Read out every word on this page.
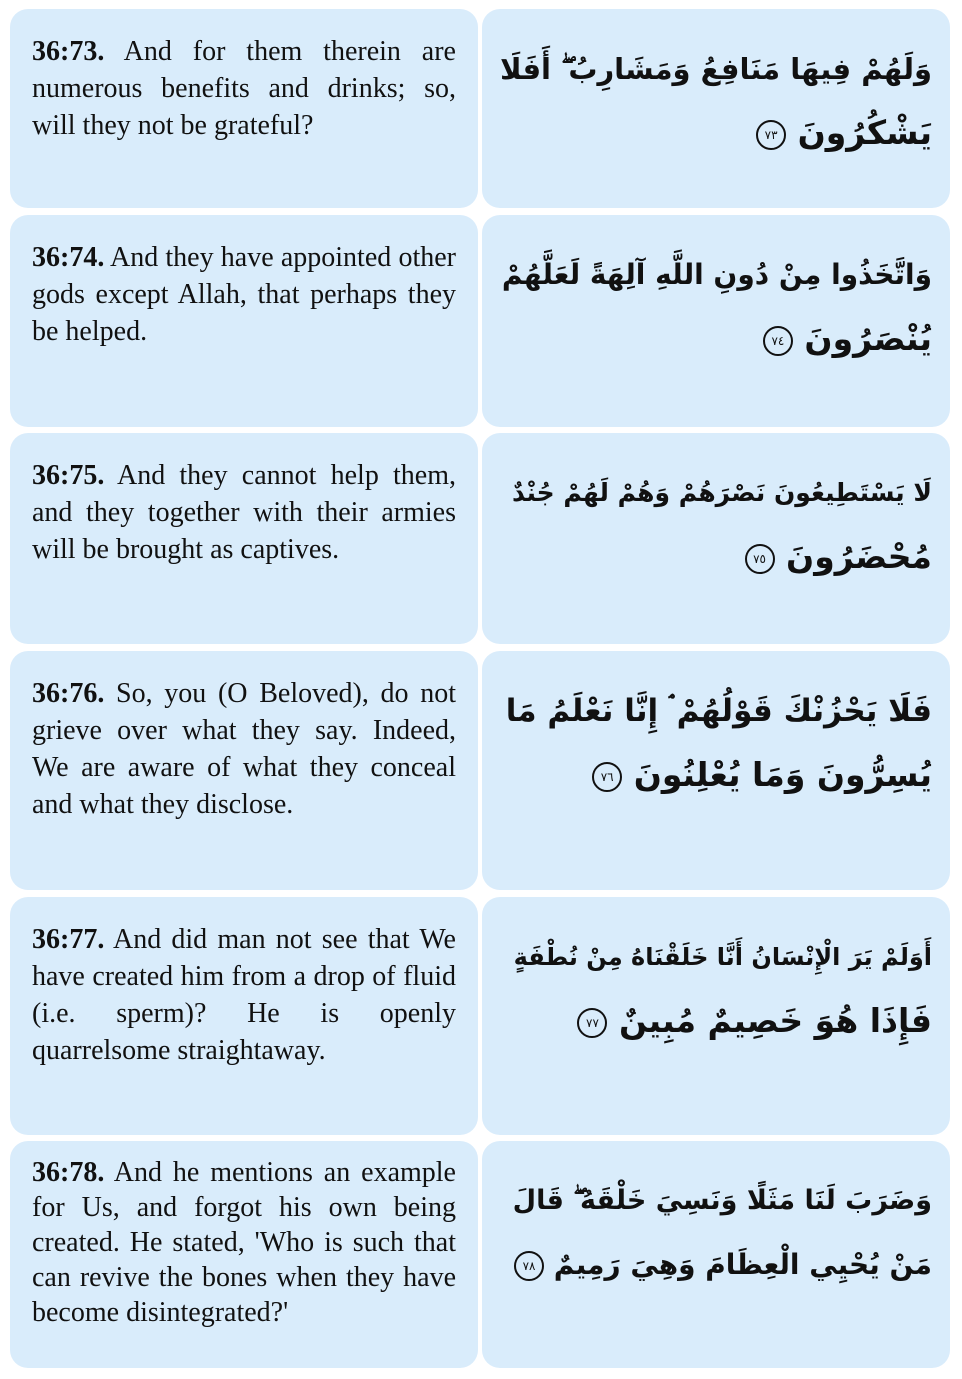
36:73. And for them therein are numerous benefits and drinks; so, will they not be grateful?

وَلَهُمْ فِيهَا مَنَافِعُ وَمَشَارِبُ ۖ أَفَلَا

يَشْكُرُونَ ٧٣

36:74. And they have appointed other gods except Allah, that perhaps they be helped.

وَاتَّخَذُوا مِنْ دُونِ اللَّهِ آلِهَةً لَعَلَّهُمْ

يُنْصَرُونَ ٧٤

36:75. And they cannot help them, and they together with their armies will be brought as captives.

لَا يَسْتَطِيعُونَ نَصْرَهُمْ وَهُمْ لَهُمْ جُنْدٌ

مُحْضَرُونَ ٧٥

36:76. So, you (O Beloved), do not grieve over what they say. Indeed, We are aware of what they conceal and what they disclose.

فَلَا يَحْزُنْكَ قَوْلُهُمْ ۘ إِنَّا نَعْلَمُ مَا

يُسِرُّونَ وَمَا يُعْلِنُونَ ٧٦

36:77. And did man not see that We have created him from a drop of fluid (i.e. sperm)? He is openly quarrelsome straightaway.

أَوَلَمْ يَرَ الْإِنْسَانُ أَنَّا خَلَقْنَاهُ مِنْ نُطْفَةٍ

فَإِذَا هُوَ خَصِيمٌ مُبِينٌ ٧٧

36:78. And he mentions an example for Us, and forgot his own being created. He stated, 'Who is such that can revive the bones when they have become disintegrated?'

وَضَرَبَ لَنَا مَثَلًا وَنَسِيَ خَلْقَهُ ۖ قَالَ

مَنْ يُحْيِي الْعِظَامَ وَهِيَ رَمِيمٌ ٧٨
